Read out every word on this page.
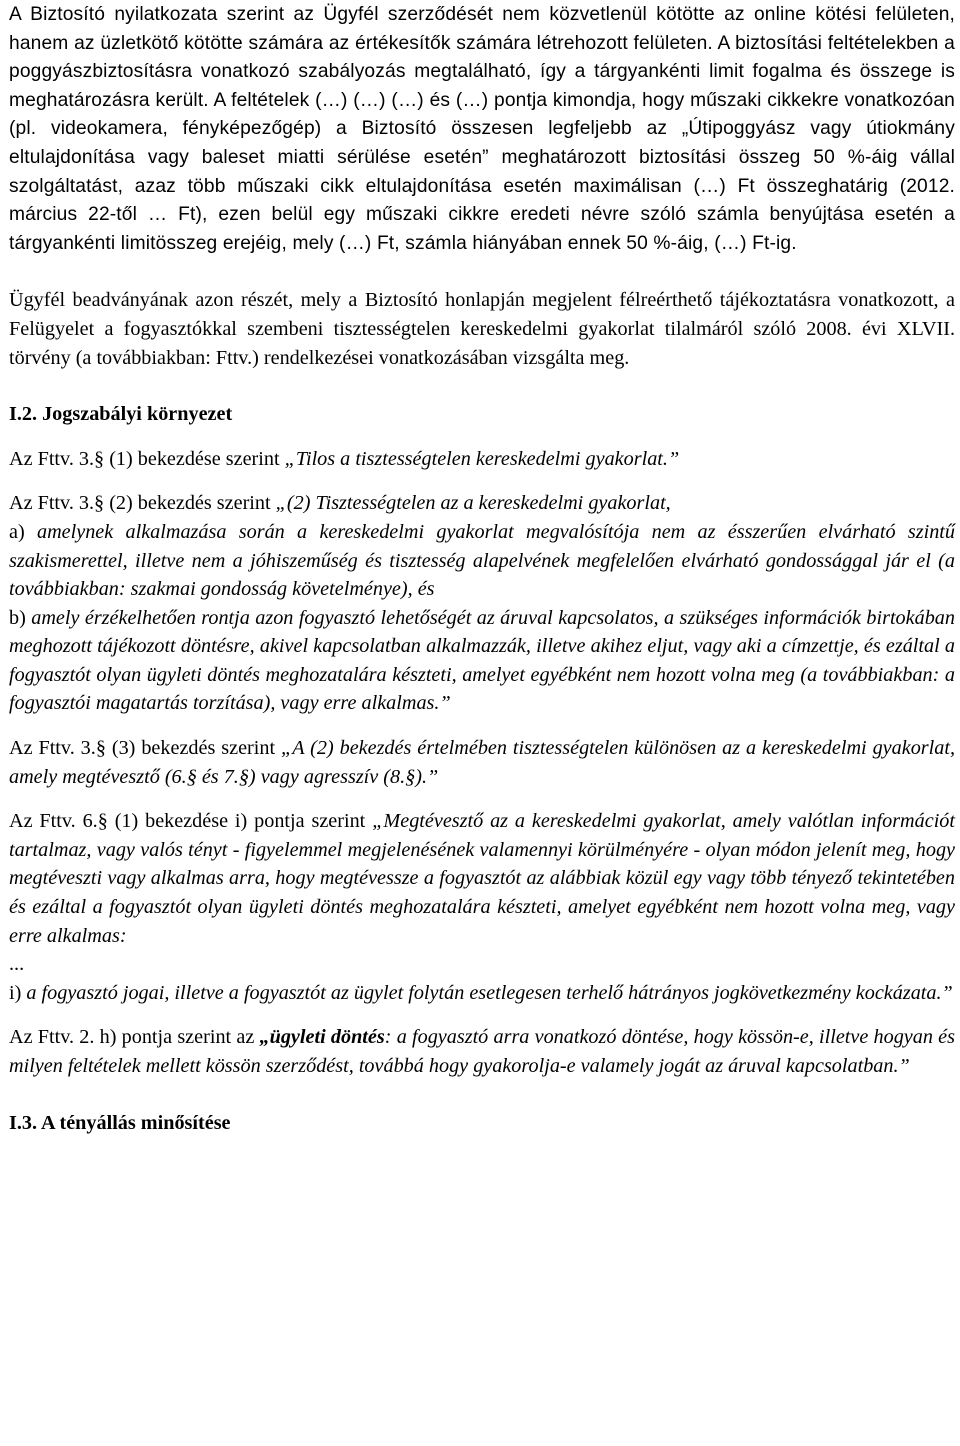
A Biztosító nyilatkozata szerint az Ügyfél szerződését nem közvetlenül kötötte az online kötési felületen, hanem az üzletkötő kötötte számára az értékesítők számára létrehozott felületen. A biztosítási feltételekben a poggyászbiztosításra vonatkozó szabályozás megtalálható, így a tárgyankénti limit fogalma és összege is meghatározásra került. A feltételek (…) (…) (…) és (…) pontja kimondja, hogy műszaki cikkekre vonatkozóan (pl. videokamera, fényképezőgép) a Biztosító összesen legfeljebb az „Útipoggyász vagy útiokmány eltulajdonítása vagy baleset miatti sérülése esetén” meghatározott biztosítási összeg 50 %-áig vállal szolgáltatást, azaz több műszaki cikk eltulajdonítása esetén maximálisan (…) Ft összeghatárig (2012. március 22-től … Ft), ezen belül egy műszaki cikkre eredeti névre szóló számla benyújtása esetén a tárgyankénti limitösszeg erejéig, mely (…) Ft, számla hiányában ennek 50 %-áig, (…) Ft-ig.

Ügyfél beadványának azon részét, mely a Biztosító honlapján megjelent félreérthető tájékoztatásra vonatkozott, a Felügyelet a fogyasztókkal szembeni tisztességtelen kereskedelmi gyakorlat tilalmáról szóló 2008. évi XLVII. törvény (a továbbiakban: Fttv.) rendelkezései vonatkozásában vizsgálta meg.

I.2. Jogszabályi környezet

Az Fttv. 3.§ (1) bekezdése szerint „Tilos a tisztességtelen kereskedelmi gyakorlat.”

Az Fttv. 3.§ (2) bekezdés szerint „(2) Tisztességtelen az a kereskedelmi gyakorlat,

a) amelynek alkalmazása során a kereskedelmi gyakorlat megvalósítója nem az ésszerűen elvárható szintű szakismerettel, illetve nem a jóhiszeműség és tisztesség alapelvének megfelelően elvárható gondossággal jár el (a továbbiakban: szakmai gondosság követelménye), és

b) amely érzékelhetően rontja azon fogyasztó lehetőségét az áruval kapcsolatos, a szükséges információk birtokában meghozott tájékozott döntésre, akivel kapcsolatban alkalmazzák, illetve akihez eljut, vagy aki a címzettje, és ezáltal a fogyasztót olyan ügyleti döntés meghozatalára készteti, amelyet egyébként nem hozott volna meg (a továbbiakban: a fogyasztói magatartás torzítása), vagy erre alkalmas.”

Az Fttv. 3.§ (3) bekezdés szerint „A (2) bekezdés értelmében tisztességtelen különösen az a kereskedelmi gyakorlat, amely megtévesztő (6.§ és 7.§) vagy agresszív (8.§).”

Az Fttv. 6.§ (1) bekezdése i) pontja szerint „Megtévesztő az a kereskedelmi gyakorlat, amely valótlan információt tartalmaz, vagy valós tényt - figyelemmel megjelenésének valamennyi körülményére - olyan módon jelenít meg, hogy megtéveszti vagy alkalmas arra, hogy megtévessze a fogyasztót az alábbiak közül egy vagy több tényező tekintetében és ezáltal a fogyasztót olyan ügyleti döntés meghozatalára készteti, amelyet egyébként nem hozott volna meg, vagy erre alkalmas:

...

i) a fogyasztó jogai, illetve a fogyasztót az ügylet folytán esetlegesen terhelő hátrányos jogkövetkezmény kockázata.”

Az Fttv. 2. h) pontja szerint az „ügyleti döntés: a fogyasztó arra vonatkozó döntése, hogy kössön-e, illetve hogyan és milyen feltételek mellett kössön szerződést, továbbá hogy gyakorolja-e valamely jogát az áruval kapcsolatban.”

I.3. A tényállás minősítése
